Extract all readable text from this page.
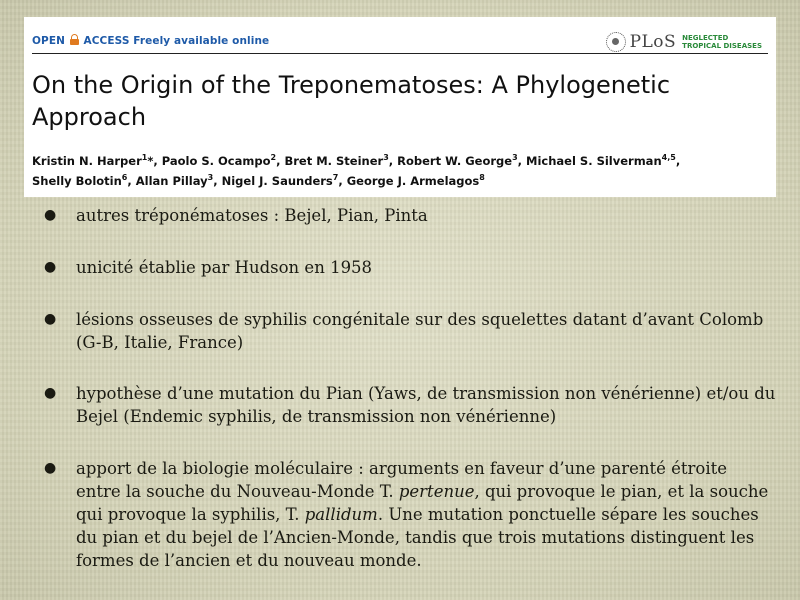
OPEN ACCESS Freely available online	PLoS NEGLECTED
TROPICAL DISEASES
On the Origin of the Treponematoses: A Phylogenetic Approach
Kristin N. Harper$^1$*, Paolo S. Ocampo$^2$, Bret M. Steiner$^3$, Robert W. George$^3$, Michael S. Silverman$^{4,5}$,
Shelly Bolotin$^6$, Allan Pillay$^3$, Nigel J. Saunders$^7$, George J. Armelagos$^8$
● autres tréponématoses : Bejel, Pian, Pinta
● unicité établie par Hudson en 1958
● lésions osseuses de syphilis congénitale sur des squelettes datant d’avant Colomb (G-B, Italie, France)
● hypothèse d’une mutation du Pian (Yaws, de transmission non vénérienne) et/ou du Bejel (Endemic syphilis, de transmission non vénérienne)
● apport de la biologie moléculaire : arguments en faveur d’une parenté étroite entre la souche du Nouveau-Monde T. pertenue, qui provoque le pian, et la souche qui provoque la syphilis, T. pallidum. Une mutation ponctuelle sépare les souches du pian et du bejel de l’Ancien-Monde, tandis que trois mutations distinguent les formes de l’ancien et du nouveau monde.
